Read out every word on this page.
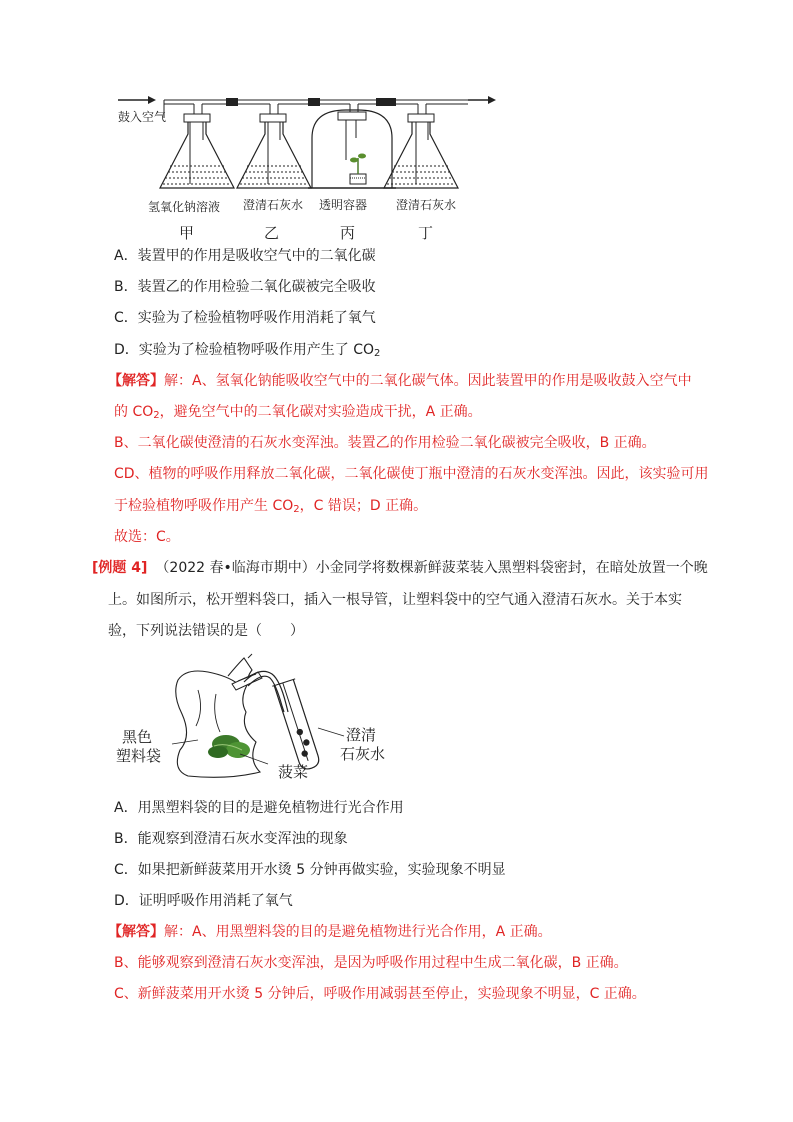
鼓入空气
氢氧化钠溶液 澄清石灰水 透明容器 澄清石灰水
甲	乙	丙	丁
A．装置甲的作用是吸收空气中的二氧化碳
B．装置乙的作用检验二氧化碳被完全吸收
C．实验为了检验植物呼吸作用消耗了氧气
D．实验为了检验植物呼吸作用产生了 $CO_2$
【解答】解：A、氢氧化钠能吸收空气中的二氧化碳气体。因此装置甲的作用是吸收鼓入空气中
的 $CO_2$，避免空气中的二氧化碳对实验造成干扰，A 正确。
B、二氧化碳使澄清的石灰水变浑浊。装置乙的作用检验二氧化碳被完全吸收，B 正确。
CD、植物的呼吸作用释放二氧化碳，二氧化碳使丁瓶中澄清的石灰水变浑浊。因此，该实验可用
于检验植物呼吸作用产生 $CO_2$，C 错误；D 正确。
故选：C。
[例题 4] （2022 春•临海市期中）小金同学将数棵新鲜菠菜装入黑塑料袋密封，在暗处放置一个晚
上。如图所示，松开塑料袋口，插入一根导管，让塑料袋中的空气通入澄清石灰水。关于本实
验，下列说法错误的是（　　）
黑色
塑料袋
澄清
石灰水
菠菜
A．用黑塑料袋的目的是避免植物进行光合作用
B．能观察到澄清石灰水变浑浊的现象
C．如果把新鲜菠菜用开水烫 5 分钟再做实验，实验现象不明显
D．证明呼吸作用消耗了氧气
【解答】解：A、用黑塑料袋的目的是避免植物进行光合作用，A 正确。
B、能够观察到澄清石灰水变浑浊，是因为呼吸作用过程中生成二氧化碳，B 正确。
C、新鲜菠菜用开水烫 5 分钟后，呼吸作用减弱甚至停止，实验现象不明显，C 正确。
